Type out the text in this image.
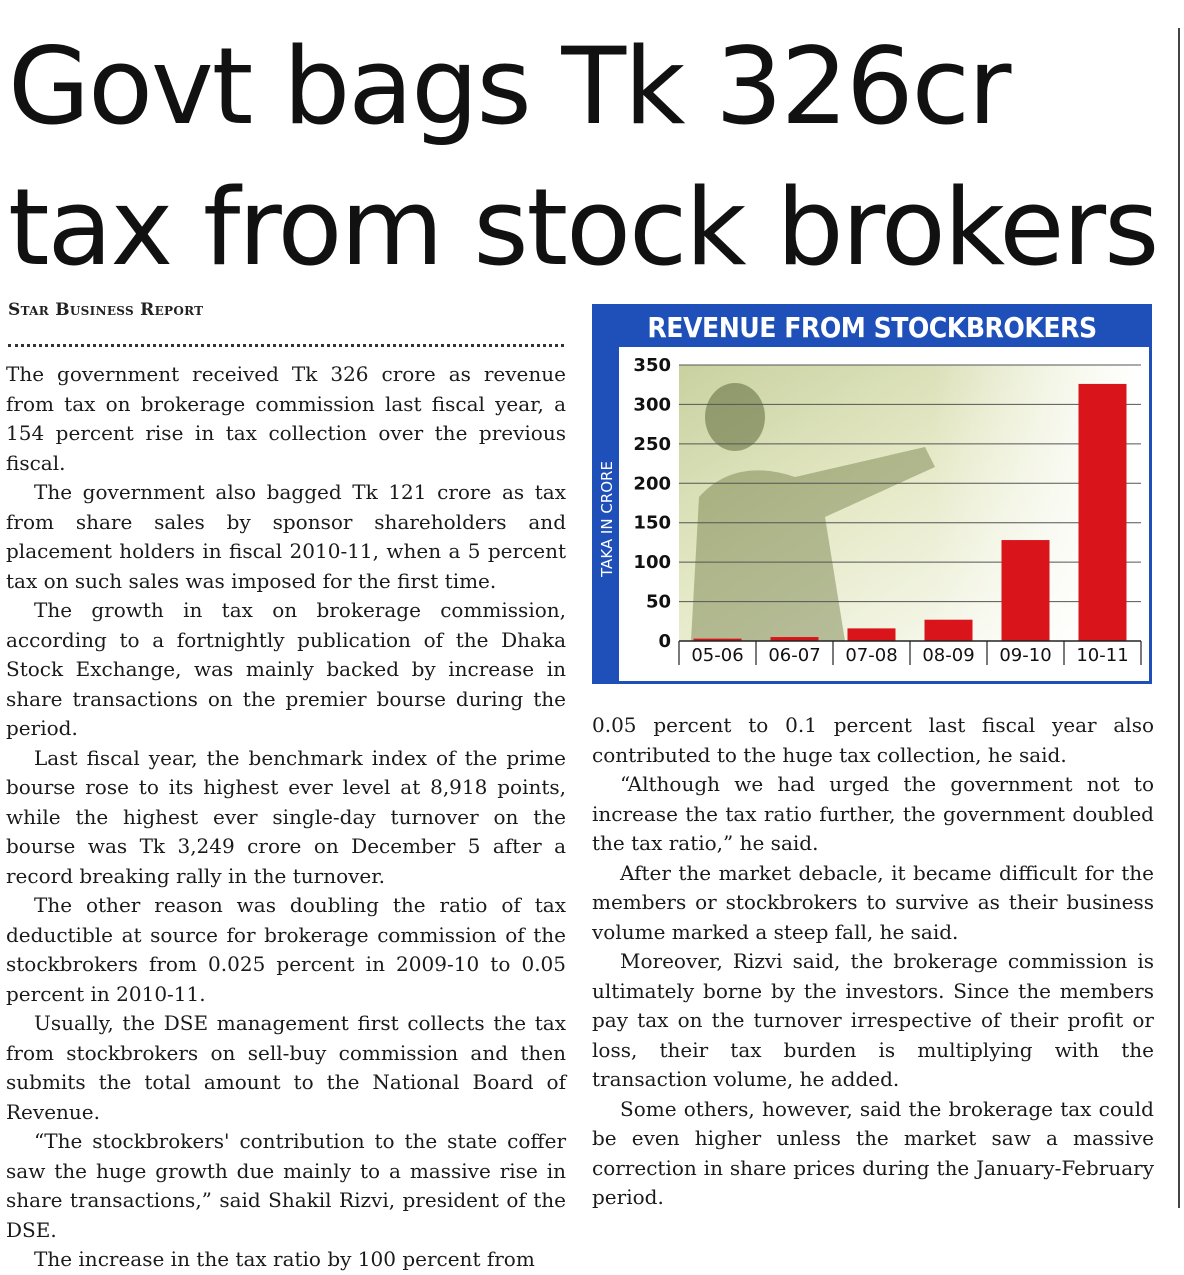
Govt bags Tk 326cr tax from stock brokers
Star Business Report

The government received Tk 326 crore as revenue from tax on brokerage commission last fiscal year, a 154 percent rise in tax collection over the previous fiscal.

The government also bagged Tk 121 crore as tax from share sales by sponsor shareholders and placement holders in fiscal 2010-11, when a 5 percent tax on such sales was imposed for the first time.

The growth in tax on brokerage commission, according to a fortnightly publication of the Dhaka Stock Exchange, was mainly backed by increase in share transactions on the premier bourse during the period.

Last fiscal year, the benchmark index of the prime bourse rose to its highest ever level at 8,918 points, while the highest ever single-day turnover on the bourse was Tk 3,249 crore on December 5 after a record breaking rally in the turnover.

The other reason was doubling the ratio of tax deductible at source for brokerage commission of the stockbrokers from 0.025 percent in 2009-10 to 0.05 percent in 2010-11.

Usually, the DSE management first collects the tax from stockbrokers on sell-buy commission and then submits the total amount to the National Board of Revenue.

“The stockbrokers' contribution to the state coffer saw the huge growth due mainly to a massive rise in share transactions,” said Shakil Rizvi, president of the DSE.

The increase in the tax ratio by 100 percent from

REVENUE FROM STOCKBROKERS
TAKA IN CRORE
0
50
100
150
200
250
300
350
05-06 06-07 07-08 08-09 09-10 10-11

0.05 percent to 0.1 percent last fiscal year also contributed to the huge tax collection, he said.

“Although we had urged the government not to increase the tax ratio further, the government doubled the tax ratio,” he said.

After the market debacle, it became difficult for the members or stockbrokers to survive as their business volume marked a steep fall, he said.

Moreover, Rizvi said, the brokerage commission is ultimately borne by the investors. Since the members pay tax on the turnover irrespective of their profit or loss, their tax burden is multiplying with the transaction volume, he added.

Some others, however, said the brokerage tax could be even higher unless the market saw a massive correction in share prices during the January-February period.
